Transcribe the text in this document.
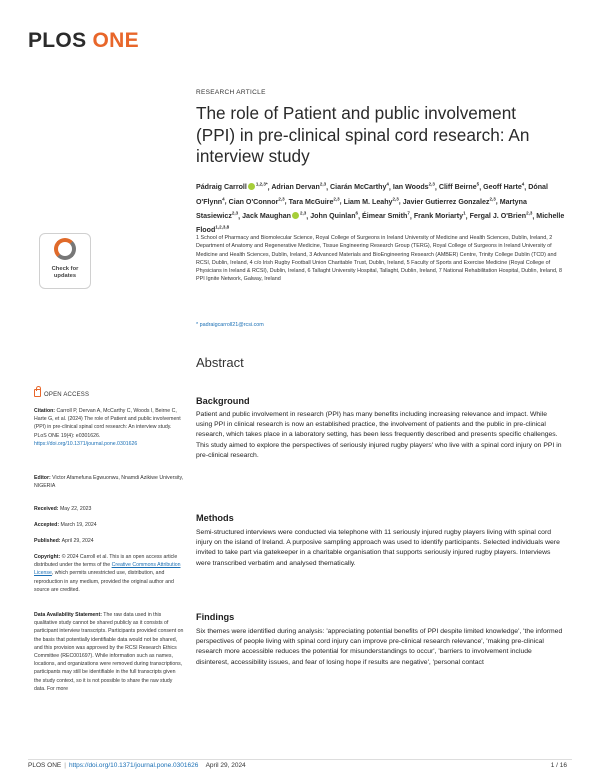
PLOS ONE
RESEARCH ARTICLE
The role of Patient and public involvement (PPI) in pre-clinical spinal cord research: An interview study
Pádraig Carroll $^{1,2,3*}$, Adrian Dervan$^{2,3}$, Ciarán McCarthy$^4$, Ian Woods$^{2,3}$, Cliff Beirne$^5$, Geoff Harte$^4$, Dónal O'Flynn$^4$, Cian O'Connor$^{2,3}$, Tara McGuire$^{2,3}$, Liam M. Leahy$^{2,3}$, Javier Gutierrez Gonzalez$^{2,3}$, Martyna Stasiewicz$^{2,3}$, Jack Maughan $^{2,3}$, John Quinlan$^6$, Éimear Smith$^7$, Frank Moriarty$^1$, Fergal J. O'Brien$^{2,3}$, Michelle Flood$^{1,2,3,8}$
1 School of Pharmacy and Biomolecular Science, Royal College of Surgeons in Ireland University of Medicine and Health Sciences, Dublin, Ireland, 2 Department of Anatomy and Regenerative Medicine, Tissue Engineering Research Group (TERG), Royal College of Surgeons in Ireland University of Medicine and Health Sciences, Dublin, Ireland, 3 Advanced Materials and BioEngineering Research (AMBER) Centre, Trinity College Dublin (TCD) and RCSI, Dublin, Ireland, 4 c/o Irish Rugby Football Union Charitable Trust, Dublin, Ireland, 5 Faculty of Sports and Exercise Medicine (Royal College of Physicians in Ireland & RCSI), Dublin, Ireland, 6 Tallaght University Hospital, Tallaght, Dublin, Ireland, 7 National Rehabilitation Hospital, Dublin, Ireland, 8 PPI Ignite Network, Galway, Ireland
* padraigcarroll21@rcsi.com
Abstract
Background
Patient and public involvement in research (PPI) has many benefits including increasing relevance and impact. While using PPI in clinical research is now an established practice, the involvement of patients and the public in pre-clinical research, which takes place in a laboratory setting, has been less frequently described and presents specific challenges. This study aimed to explore the perspectives of seriously injured rugby players' who live with a spinal cord injury on PPI in pre-clinical research.
Methods
Semi-structured interviews were conducted via telephone with 11 seriously injured rugby players living with spinal cord injury on the island of Ireland. A purposive sampling approach was used to identify participants. Selected individuals were invited to take part via gatekeeper in a charitable organisation that supports seriously injured rugby players. Interviews were transcribed verbatim and analysed thematically.
Findings
Six themes were identified during analysis: 'appreciating potential benefits of PPI despite limited knowledge', 'the informed perspectives of people living with spinal cord injury can improve pre-clinical research relevance', 'making pre-clinical research more accessible reduces the potential for misunderstandings to occur', 'barriers to involvement include disinterest, accessibility issues, and fear of losing hope if results are negative', 'personal contact
Check for
updates
OPEN ACCESS
Citation: Carroll P, Dervan A, McCarthy C, Woods I, Beirne C, Harte G, et al. (2024) The role of Patient and public involvement (PPI) in pre-clinical spinal cord research: An interview study. PLoS ONE 19(4): e0301626. https://doi.org/10.1371/journal.pone.0301626
Editor: Victor Afamefuna Egwuonwu, Nnamdi Azikiwe University, NIGERIA
Received: May 22, 2023
Accepted: March 19, 2024
Published: April 29, 2024
Copyright: © 2024 Carroll et al. This is an open access article distributed under the terms of the Creative Commons Attribution License, which permits unrestricted use, distribution, and reproduction in any medium, provided the original author and source are credited.
Data Availability Statement: The raw data used in this qualitative study cannot be shared publicly as it consists of participant interview transcripts. Participants provided consent on the basis that potentially identifiable data would not be shared, and this provision was approved by the RCSI Research Ethics Committee (REC001697). While information such as names, locations, and organizations were removed during transcriptions, participants may still be identifiable in the full transcripts given the study context, so it is not possible to share the raw study data. For more
PLOS ONE | https://doi.org/10.1371/journal.pone.0301626 April 29, 2024	1 / 16
